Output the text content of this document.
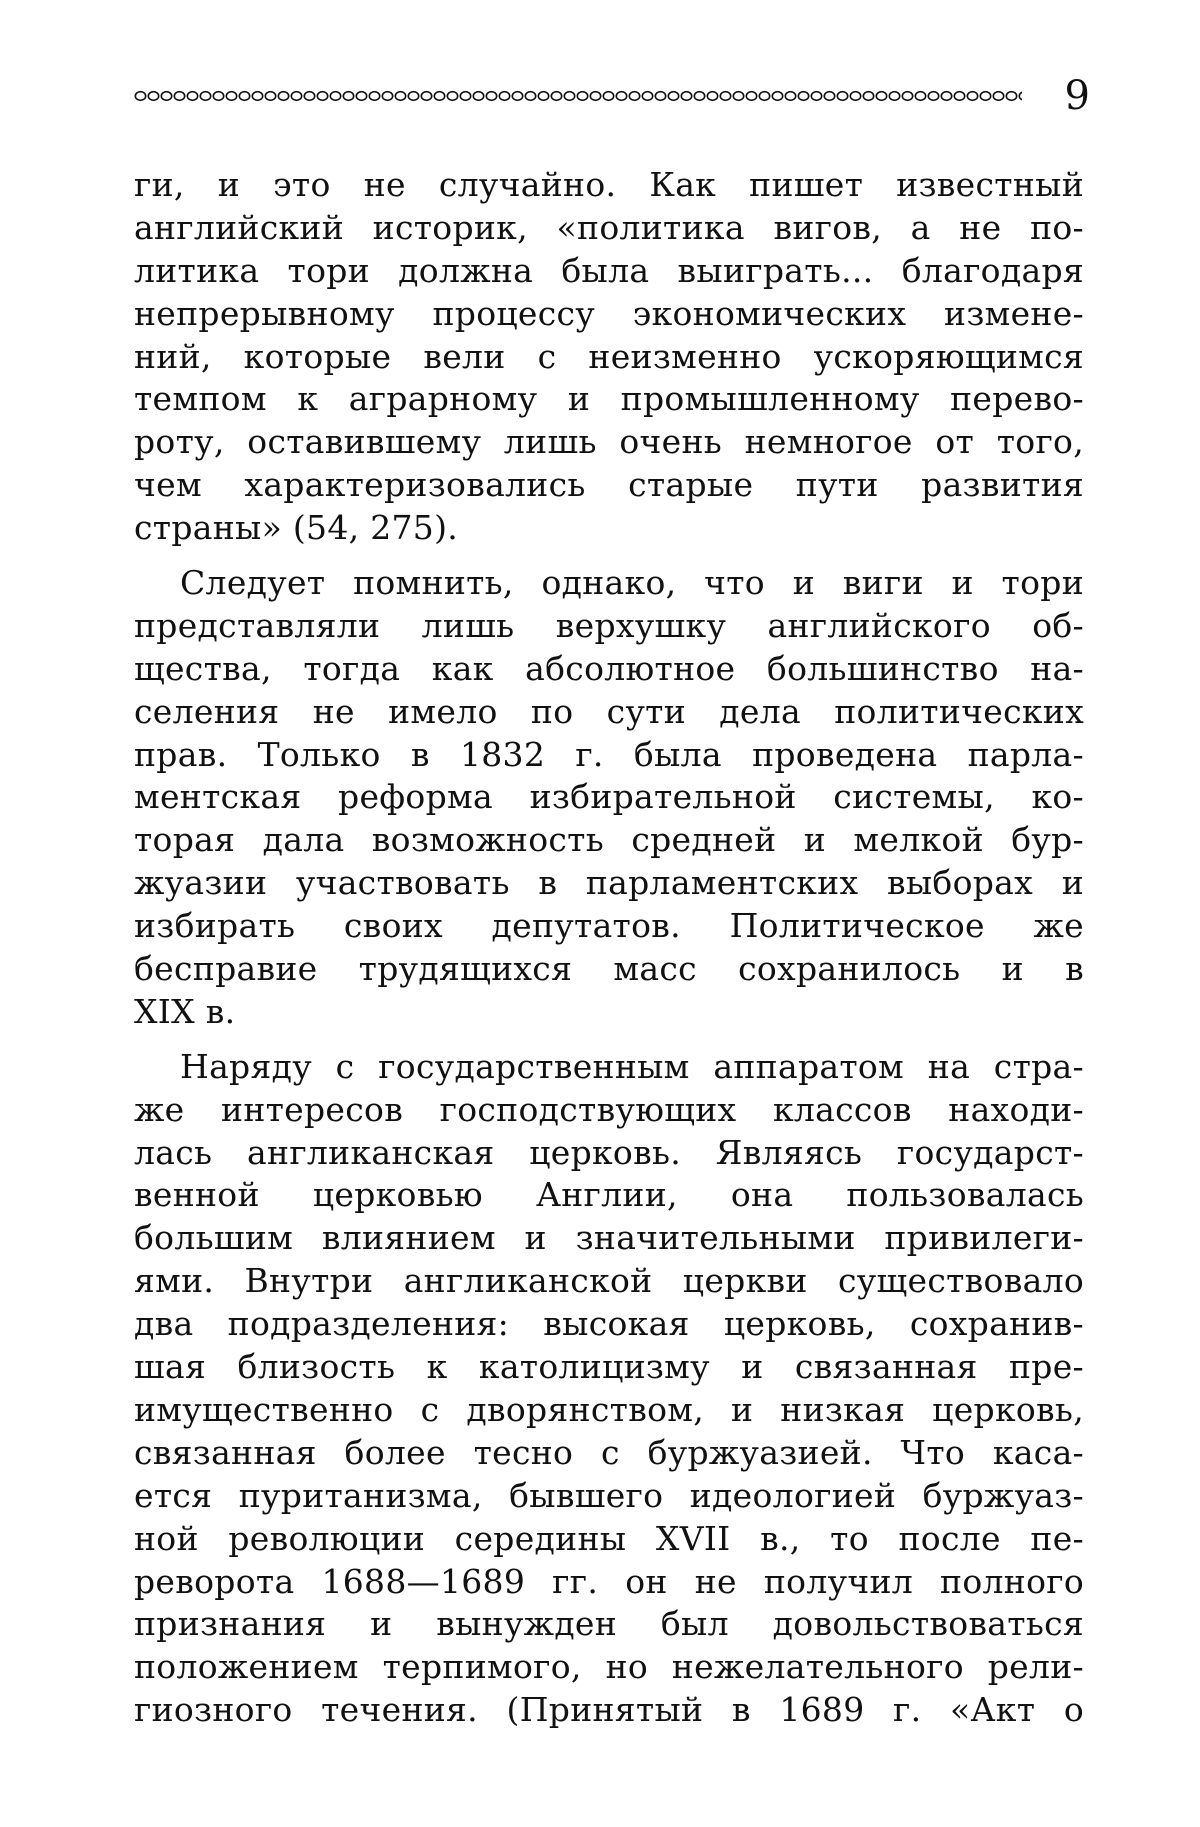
9
ги, и это не случайно. Как пишет известный
английский историк, «политика вигов, а не по-
литика тори должна была выиграть... благодаря
непрерывному процессу экономических измене-
ний, которые вели с неизменно ускоряющимся
темпом к аграрному и промышленному перево-
роту, оставившему лишь очень немногое от того,
чем характеризовались старые пути развития
страны» (54, 275).
Следует помнить, однако, что и виги и тори
представляли лишь верхушку английского об-
щества, тогда как абсолютное большинство на-
селения не имело по сути дела политических
прав. Только в 1832 г. была проведена парла-
ментская реформа избирательной системы, ко-
торая дала возможность средней и мелкой бур-
жуазии участвовать в парламентских выборах и
избирать своих депутатов. Политическое же
бесправие трудящихся масс сохранилось и в
XIX в.
Наряду с государственным аппаратом на стра-
же интересов господствующих классов находи-
лась англиканская церковь. Являясь государст-
венной церковью Англии, она пользовалась
большим влиянием и значительными привилеги-
ями. Внутри англиканской церкви существовало
два подразделения: высокая церковь, сохранив-
шая близость к католицизму и связанная пре-
имущественно с дворянством, и низкая церковь,
связанная более тесно с буржуазией. Что каса-
ется пуританизма, бывшего идеологией буржуаз-
ной революции середины XVII в., то после пе-
реворота 1688—1689 гг. он не получил полного
признания и вынужден был довольствоваться
положением терпимого, но нежелательного рели-
гиозного течения. (Принятый в 1689 г. «Акт о
